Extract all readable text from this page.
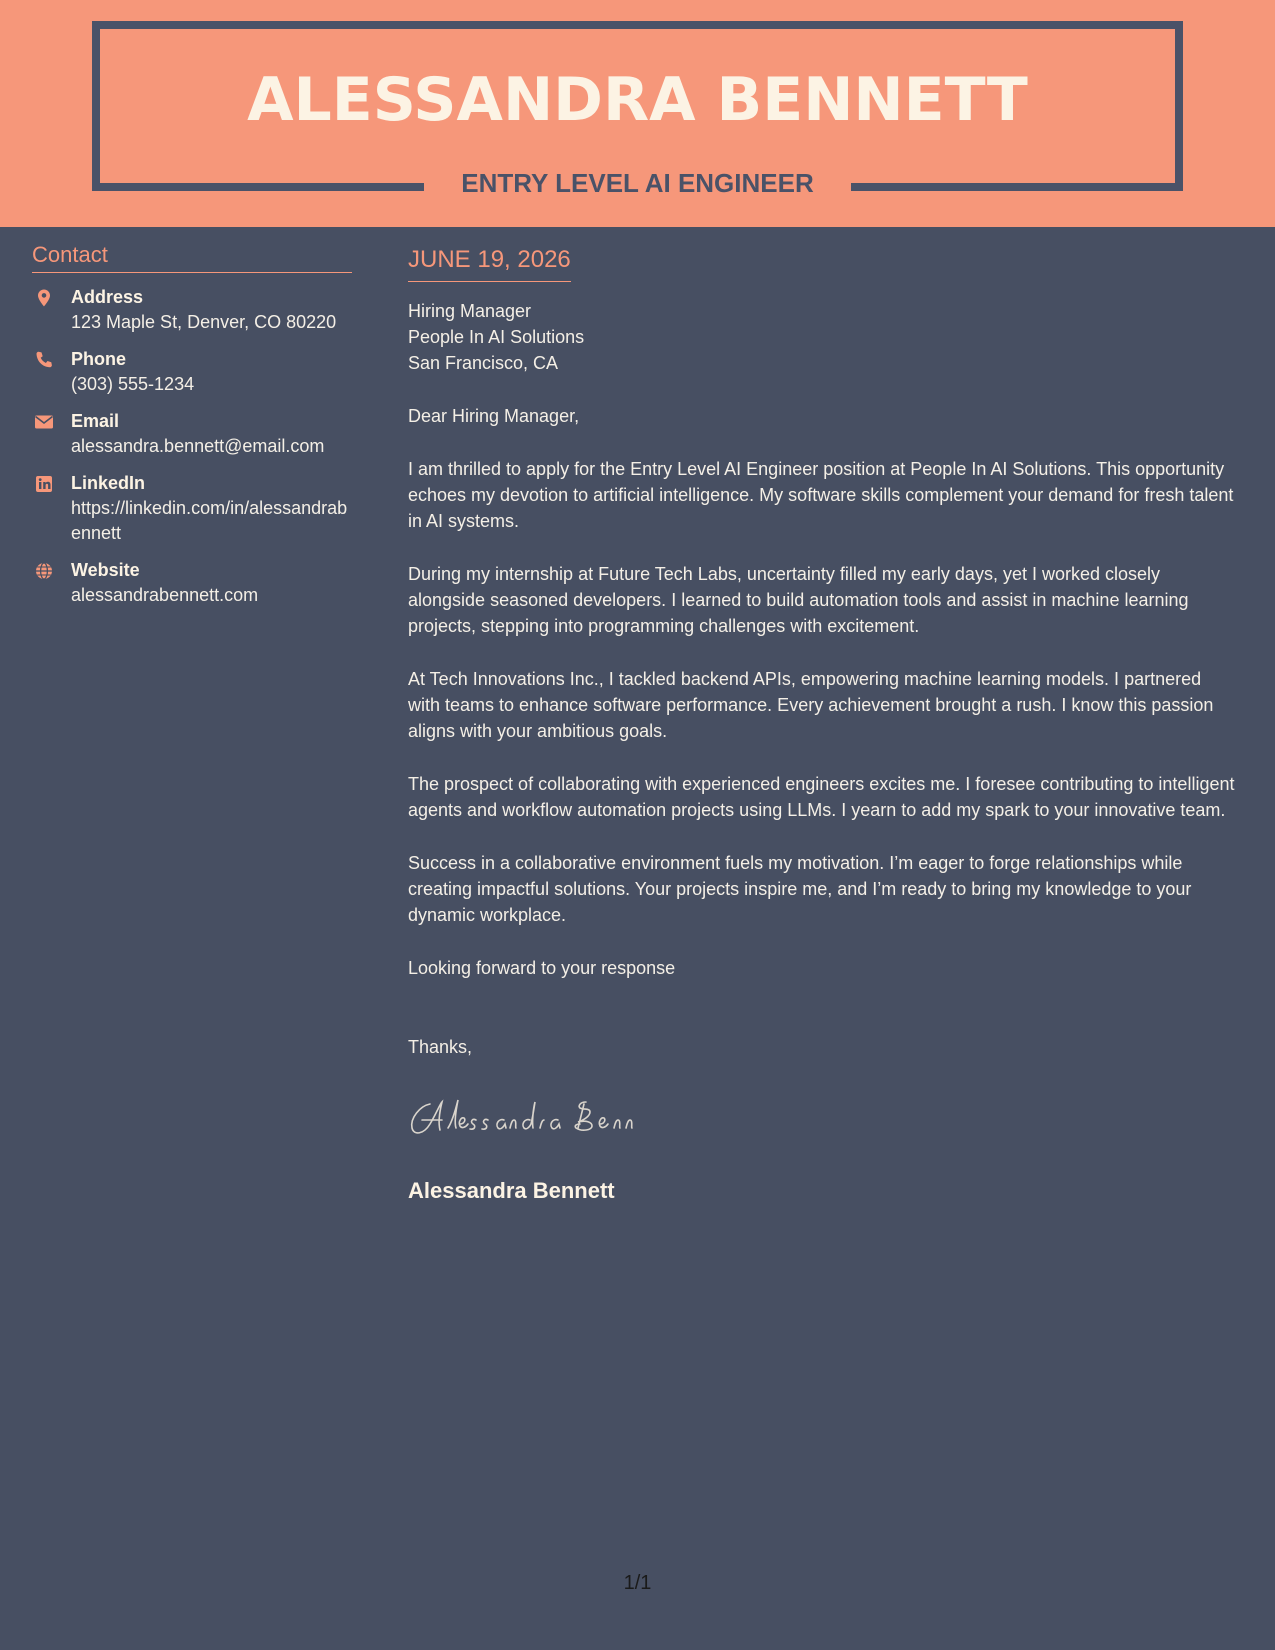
ALESSANDRA BENNETT
ENTRY LEVEL AI ENGINEER
Contact
Address
123 Maple St, Denver, CO 80220
Phone
(303) 555-1234
Email
alessandra.bennett@email.com
LinkedIn
https://linkedin.com/in/alessandrabennett
Website
alessandrabennett.com
JUNE 19, 2026
Hiring Manager
People In AI Solutions
San Francisco, CA
Dear Hiring Manager,
I am thrilled to apply for the Entry Level AI Engineer position at People In AI Solutions. This opportunity echoes my devotion to artificial intelligence. My software skills complement your demand for fresh talent in AI systems.
During my internship at Future Tech Labs, uncertainty filled my early days, yet I worked closely alongside seasoned developers. I learned to build automation tools and assist in machine learning projects, stepping into programming challenges with excitement.
At Tech Innovations Inc., I tackled backend APIs, empowering machine learning models. I partnered with teams to enhance software performance. Every achievement brought a rush. I know this passion aligns with your ambitious goals.
The prospect of collaborating with experienced engineers excites me. I foresee contributing to intelligent agents and workflow automation projects using LLMs. I yearn to add my spark to your innovative team.
Success in a collaborative environment fuels my motivation. I’m eager to forge relationships while creating impactful solutions. Your projects inspire me, and I’m ready to bring my knowledge to your dynamic workplace.
Looking forward to your response
Thanks,
Alessandra Bennett
1/1
